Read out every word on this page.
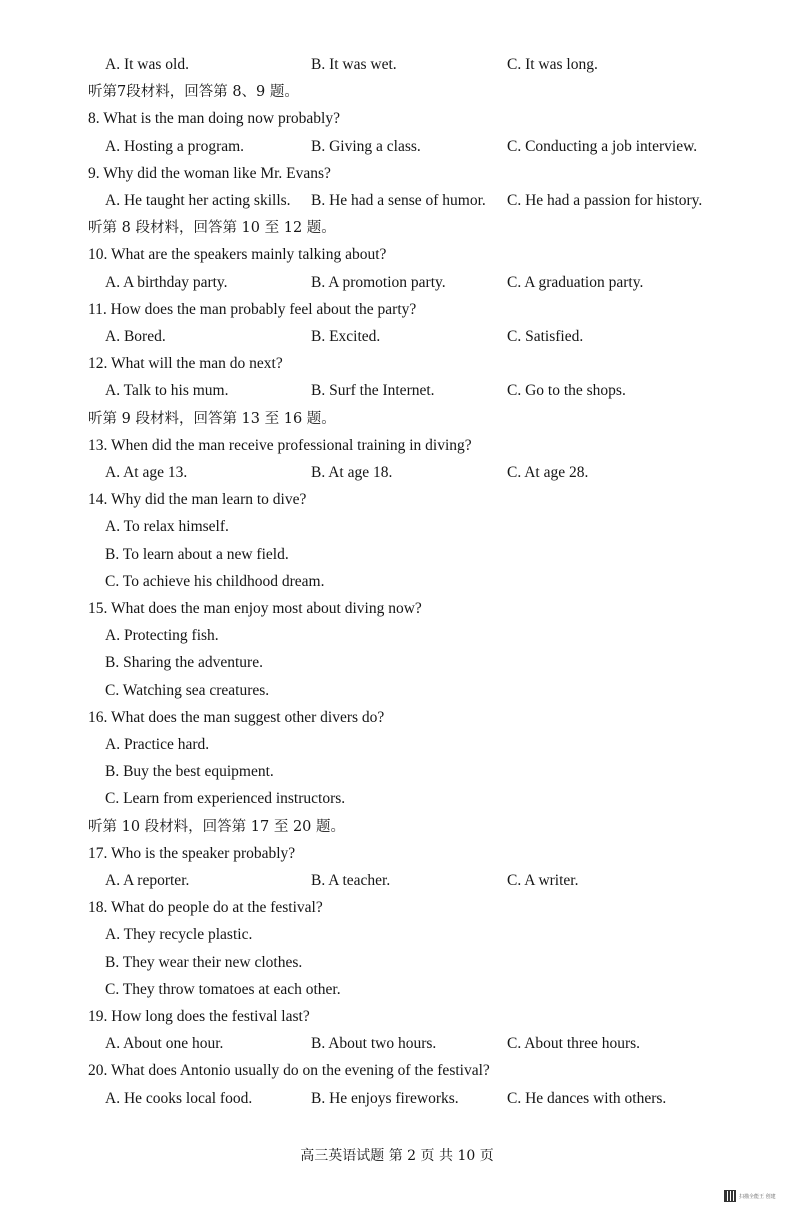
A. It was old.	B. It was wet.	C. It was long.
听第7段材料，回答第 8、9 题。
8. What is the man doing now probably?
A. Hosting a program.	B. Giving a class.	C. Conducting a job interview.
9. Why did the woman like Mr. Evans?
A. He taught her acting skills. B. He had a sense of humor. C. He had a passion for history.
听第 8 段材料，回答第 10 至 12 题。
10. What are the speakers mainly talking about?
A. A birthday party.	B. A promotion party.	C. A graduation party.
11. How does the man probably feel about the party?
A. Bored.	B. Excited.	C. Satisfied.
12. What will the man do next?
A. Talk to his mum.	B. Surf the Internet.	C. Go to the shops.
听第 9 段材料，回答第 13 至 16 题。
13. When did the man receive professional training in diving?
A. At age 13.	B. At age 18.	C. At age 28.
14. Why did the man learn to dive?
A. To relax himself.
B. To learn about a new field.
C. To achieve his childhood dream.
15. What does the man enjoy most about diving now?
A. Protecting fish.
B. Sharing the adventure.
C. Watching sea creatures.
16. What does the man suggest other divers do?
A. Practice hard.
B. Buy the best equipment.
C. Learn from experienced instructors.
听第 10 段材料，回答第 17 至 20 题。
17. Who is the speaker probably?
A. A reporter.	B. A teacher.	C. A writer.
18. What do people do at the festival?
A. They recycle plastic.
B. They wear their new clothes.
C. They throw tomatoes at each other.
19. How long does the festival last?
A. About one hour.	B. About two hours.	C. About three hours.
20. What does Antonio usually do on the evening of the festival?
A. He cooks local food.	B. He enjoys fireworks.	C. He dances with others.
高三英语试题 第 2 页 共 10 页
扫描全能王 创建
